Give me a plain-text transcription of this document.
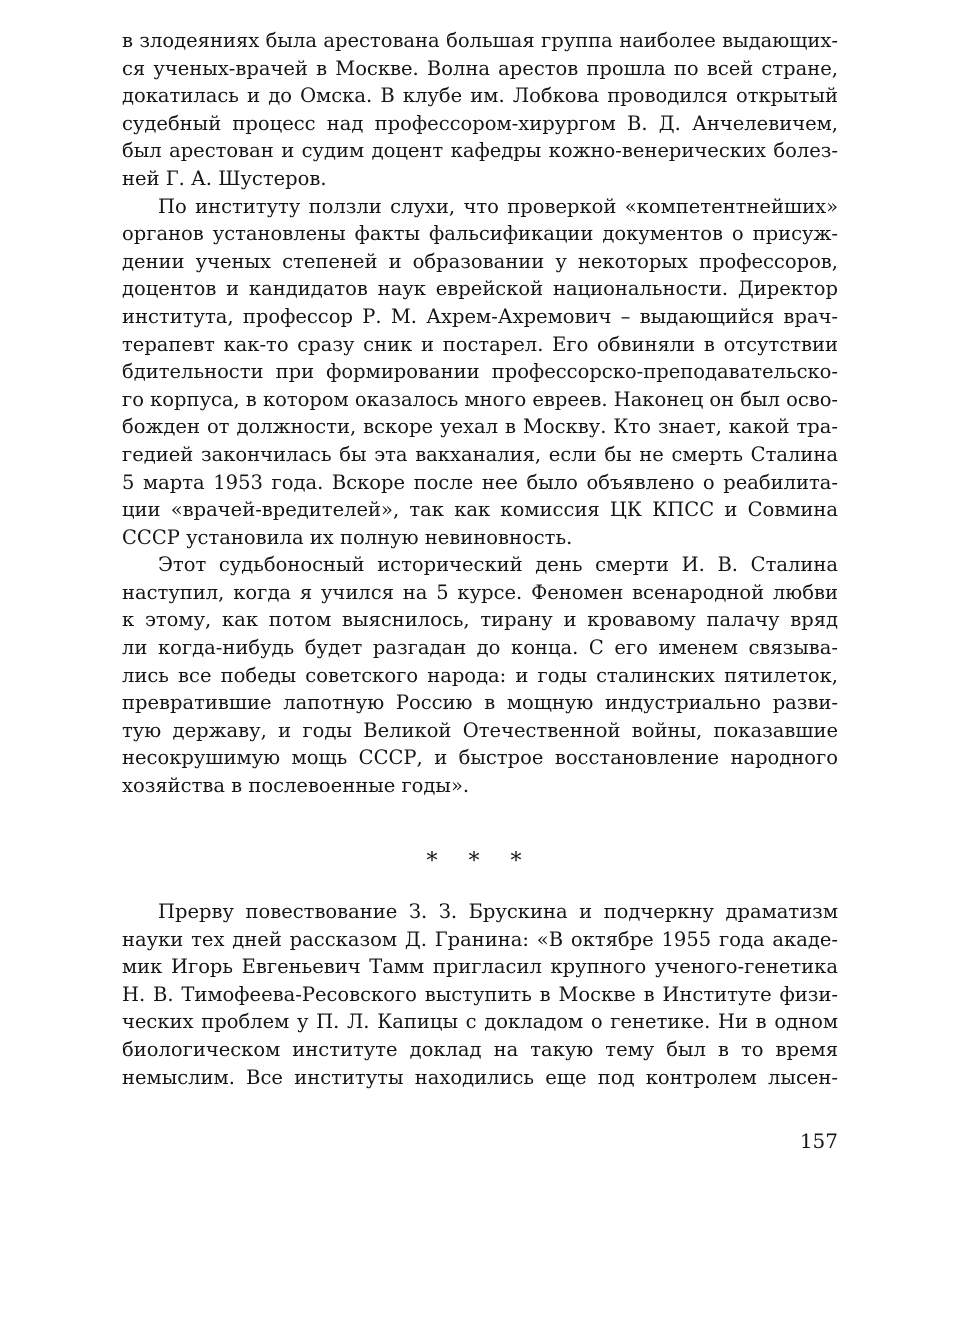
в злодеяниях была арестована большая группа наиболее выдающих-
ся ученых-врачей в Москве. Волна арестов прошла по всей стране,
докатилась и до Омска. В клубе им. Лобкова проводился открытый
судебный процесс над профессором-хирургом В. Д. Анчелевичем,
был арестован и судим доцент кафедры кожно-венерических болез-
ней Г. А. Шустеров.
По институту ползли слухи, что проверкой «компетентнейших»
органов установлены факты фальсификации документов о присуж-
дении ученых степеней и образовании у некоторых профессоров,
доцентов и кандидатов наук еврейской национальности. Директор
института, профессор Р. М. Ахрем-Ахремович – выдающийся врач-
терапевт как-то сразу сник и постарел. Его обвиняли в отсутствии
бдительности при формировании профессорско-преподавательско-
го корпуса, в котором оказалось много евреев. Наконец он был осво-
божден от должности, вскоре уехал в Москву. Кто знает, какой тра-
гедией закончилась бы эта вакханалия, если бы не смерть Сталина
5 марта 1953 года. Вскоре после нее было объявлено о реабилита-
ции «врачей-вредителей», так как комиссия ЦК КПСС и Совмина
СССР установила их полную невиновность.
Этот судьбоносный исторический день смерти И. В. Сталина
наступил, когда я учился на 5 курсе. Феномен всенародной любви
к этому, как потом выяснилось, тирану и кровавому палачу вряд
ли когда-нибудь будет разгадан до конца. С его именем связыва-
лись все победы советского народа: и годы сталинских пятилеток,
превратившие лапотную Россию в мощную индустриально разви-
тую державу, и годы Великой Отечественной войны, показавшие
несокрушимую мощь СССР, и быстрое восстановление народного
хозяйства в послевоенные годы».
* * *
Прерву повествование З. З. Брускина и подчеркну драматизм
науки тех дней рассказом Д. Гранина: «В октябре 1955 года акаде-
мик Игорь Евгеньевич Тамм пригласил крупного ученого-генетика
Н. В. Тимофеева-Ресовского выступить в Москве в Институте физи-
ческих проблем у П. Л. Капицы с докладом о генетике. Ни в одном
биологическом институте доклад на такую тему был в то время
немыслим. Все институты находились еще под контролем лысен-
157
